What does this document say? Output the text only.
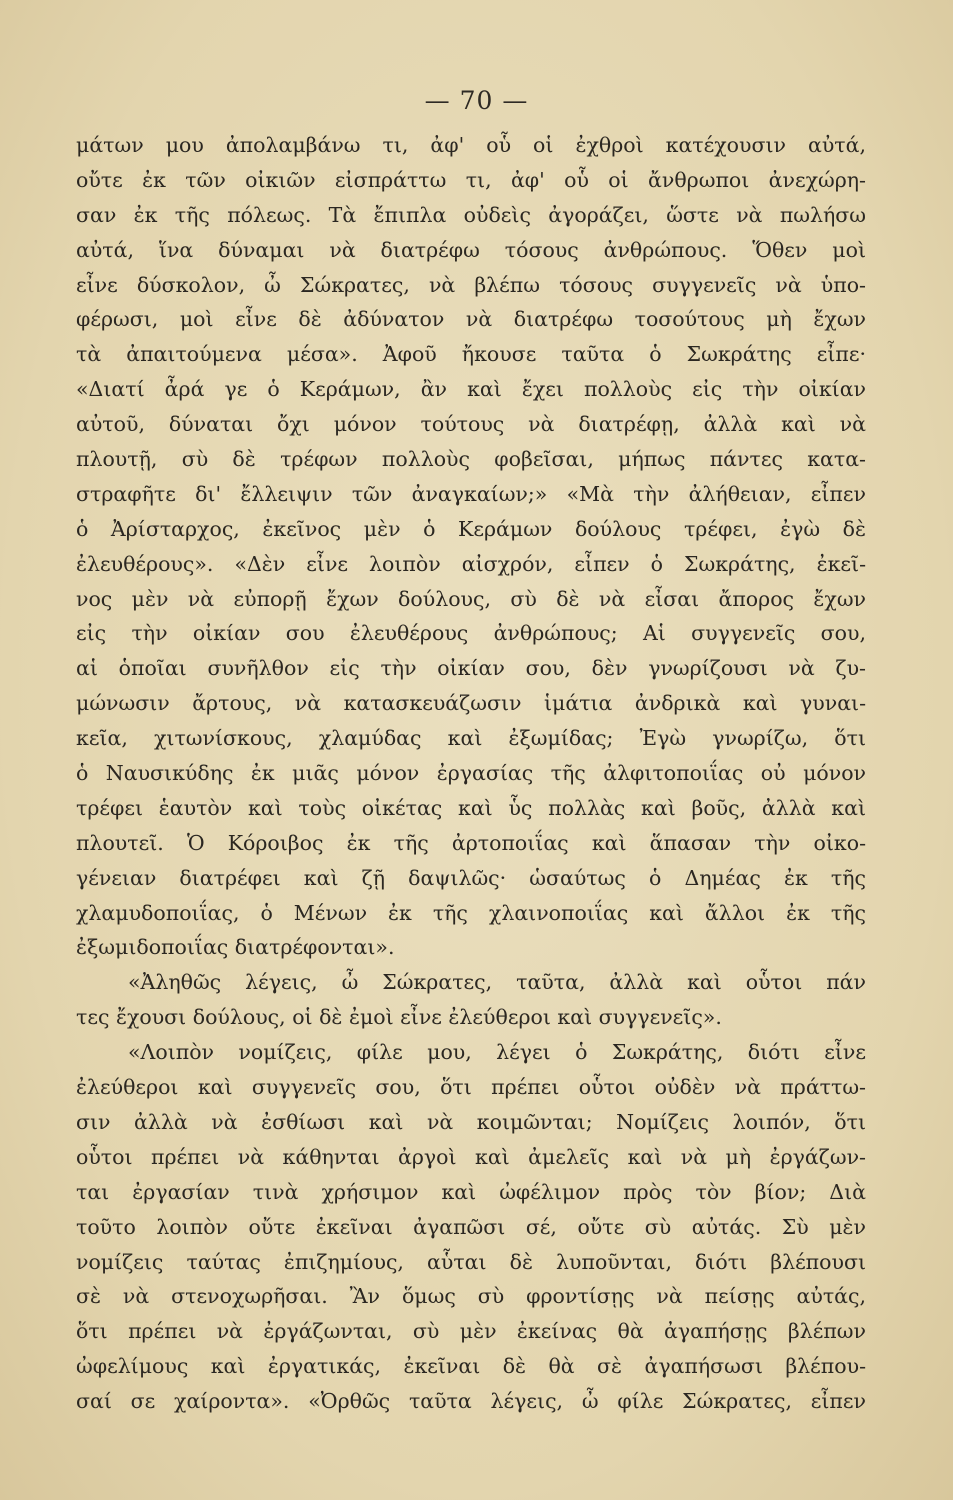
— 70 —
μάτων μου ἀπολαμβάνω τι, ἀφ' οὗ οἱ ἐχθροὶ κατέχουσιν αὐτά,
οὔτε ἐκ τῶν οἰκιῶν εἰσπράττω τι, ἀφ' οὗ οἱ ἄνθρωποι ἀνεχώρη-
σαν ἐκ τῆς πόλεως. Τὰ ἔπιπλα οὐδεὶς ἀγοράζει, ὥστε νὰ πωλήσω
αὐτά, ἵνα δύναμαι νὰ διατρέφω τόσους ἀνθρώπους. Ὅθεν μοὶ
εἶνε δύσκολον, ὦ Σώκρατες, νὰ βλέπω τόσους συγγενεῖς νὰ ὑπο-
φέρωσι, μοὶ εἶνε δὲ ἀδύνατον νὰ διατρέφω τοσούτους μὴ ἔχων
τὰ ἀπαιτούμενα μέσα». Ἀφοῦ ἤκουσε ταῦτα ὁ Σωκράτης εἶπε·
«Διατί ἆρά γε ὁ Κεράμων, ἂν καὶ ἔχει πολλοὺς εἰς τὴν οἰκίαν
αὐτοῦ, δύναται ὄχι μόνον τούτους νὰ διατρέφῃ, ἀλλὰ καὶ νὰ
πλουτῇ, σὺ δὲ τρέφων πολλοὺς φοβεῖσαι, μήπως πάντες κατα-
στραφῆτε δι' ἔλλειψιν τῶν ἀναγκαίων;» «Μὰ τὴν ἀλήθειαν, εἶπεν
ὁ Ἀρίσταρχος, ἐκεῖνος μὲν ὁ Κεράμων δούλους τρέφει, ἐγὼ δὲ
ἐλευθέρους». «Δὲν εἶνε λοιπὸν αἰσχρόν, εἶπεν ὁ Σωκράτης, ἐκεῖ-
νος μὲν νὰ εὐπορῇ ἔχων δούλους, σὺ δὲ νὰ εἶσαι ἄπορος ἔχων
εἰς τὴν οἰκίαν σου ἐλευθέρους ἀνθρώπους; Αἱ συγγενεῖς σου,
αἱ ὁποῖαι συνῆλθον εἰς τὴν οἰκίαν σου, δὲν γνωρίζουσι νὰ ζυ-
μώνωσιν ἄρτους, νὰ κατασκευάζωσιν ἱμάτια ἀνδρικὰ καὶ γυναι-
κεῖα, χιτωνίσκους, χλαμύδας καὶ ἐξωμίδας; Ἐγὼ γνωρίζω, ὅτι
ὁ Ναυσικύδης ἐκ μιᾶς μόνον ἐργασίας τῆς ἀλφιτοποιΐας οὐ μόνον
τρέφει ἑαυτὸν καὶ τοὺς οἰκέτας καὶ ὗς πολλὰς καὶ βοῦς, ἀλλὰ καὶ
πλουτεῖ. Ὁ Κόροιβος ἐκ τῆς ἀρτοποιΐας καὶ ἅπασαν τὴν οἰκο-
γένειαν διατρέφει καὶ ζῇ δαψιλῶς· ὡσαύτως ὁ Δημέας ἐκ τῆς
χλαμυδοποιΐας, ὁ Μένων ἐκ τῆς χλαινοποιΐας καὶ ἄλλοι ἐκ τῆς
ἐξωμιδοποιΐας διατρέφονται».
«Ἀληθῶς λέγεις, ὦ Σώκρατες, ταῦτα, ἀλλὰ καὶ οὗτοι πάν
τες ἔχουσι δούλους, οἱ δὲ ἐμοὶ εἶνε ἐλεύθεροι καὶ συγγενεῖς».
«Λοιπὸν νομίζεις, φίλε μου, λέγει ὁ Σωκράτης, διότι εἶνε
ἐλεύθεροι καὶ συγγενεῖς σου, ὅτι πρέπει οὗτοι οὐδὲν νὰ πράττω-
σιν ἀλλὰ νὰ ἐσθίωσι καὶ νὰ κοιμῶνται; Νομίζεις λοιπόν, ὅτι
οὗτοι πρέπει νὰ κάθηνται ἀργοὶ καὶ ἀμελεῖς καὶ νὰ μὴ ἐργάζων-
ται ἐργασίαν τινὰ χρήσιμον καὶ ὠφέλιμον πρὸς τὸν βίον; Διὰ
τοῦτο λοιπὸν οὔτε ἐκεῖναι ἀγαπῶσι σέ, οὔτε σὺ αὐτάς. Σὺ μὲν
νομίζεις ταύτας ἐπιζημίους, αὗται δὲ λυποῦνται, διότι βλέπουσι
σὲ νὰ στενοχωρῆσαι. Ἂν ὅμως σὺ φροντίσῃς νὰ πείσῃς αὐτάς,
ὅτι πρέπει νὰ ἐργάζωνται, σὺ μὲν ἐκείνας θὰ ἀγαπήσῃς βλέπων
ὠφελίμους καὶ ἐργατικάς, ἐκεῖναι δὲ θὰ σὲ ἀγαπήσωσι βλέπου-
σαί σε χαίροντα». «Ὀρθῶς ταῦτα λέγεις, ὦ φίλε Σώκρατες, εἶπεν
